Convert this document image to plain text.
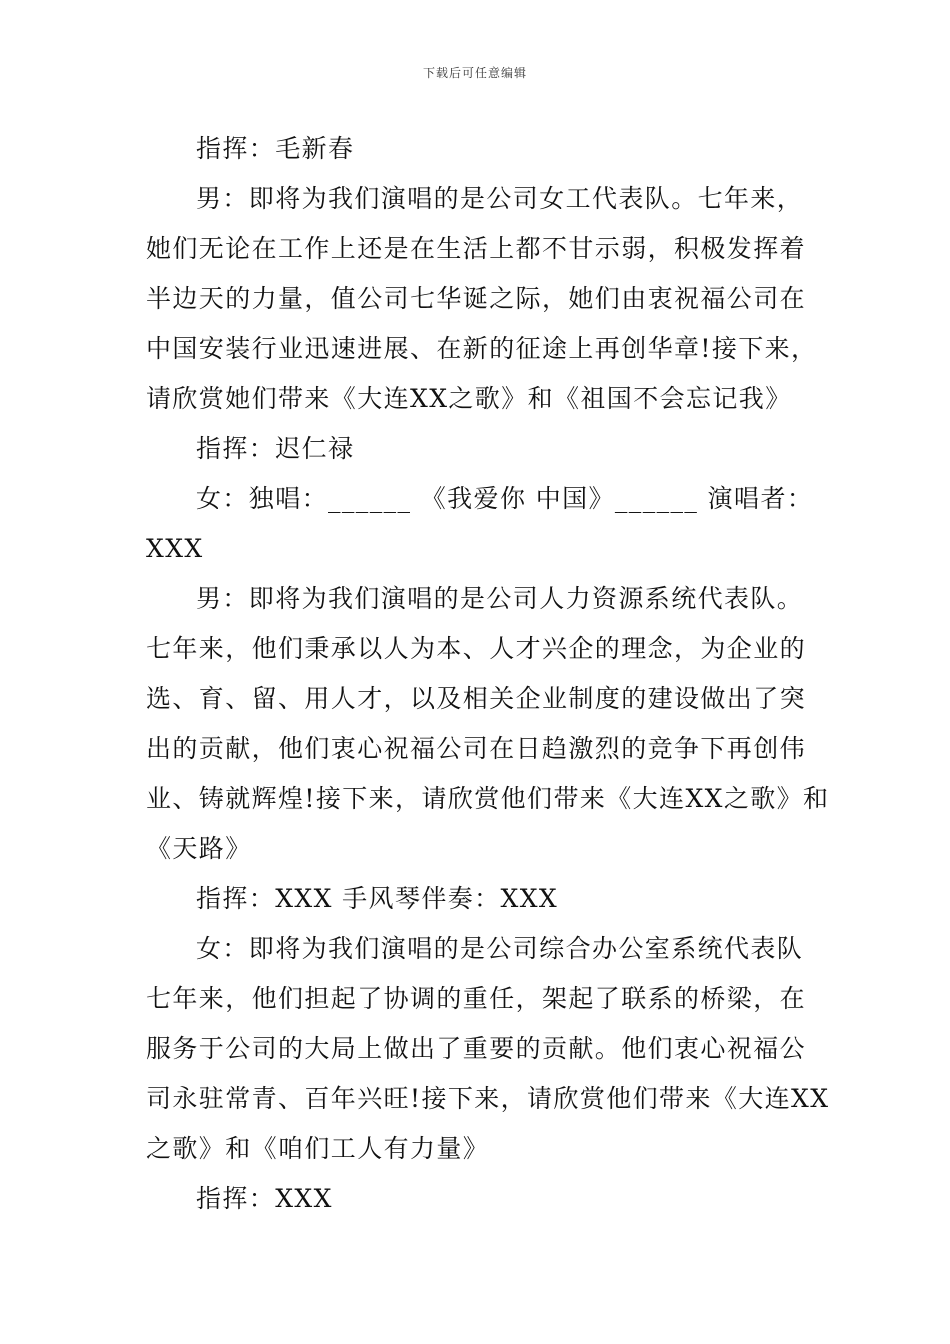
下载后可任意编辑
指挥：毛新春
男：即将为我们演唱的是公司女工代表队。七年来，
她们无论在工作上还是在生活上都不甘示弱，积极发挥着
半边天的力量，值公司七华诞之际，她们由衷祝福公司在
中国安装行业迅速进展、在新的征途上再创华章!接下来，
请欣赏她们带来《大连XX之歌》和《祖国不会忘记我》
指挥：迟仁禄
女：独唱：______ 《我爱你 中国》______ 演唱者：
XXX
男：即将为我们演唱的是公司人力资源系统代表队。
七年来，他们秉承以人为本、人才兴企的理念，为企业的
选、育、留、用人才，以及相关企业制度的建设做出了突
出的贡献，他们衷心祝福公司在日趋激烈的竞争下再创伟
业、铸就辉煌!接下来，请欣赏他们带来《大连XX之歌》和
《天路》
指挥：XXX 手风琴伴奏：XXX
女：即将为我们演唱的是公司综合办公室系统代表队
七年来，他们担起了协调的重任，架起了联系的桥梁，在
服务于公司的大局上做出了重要的贡献。他们衷心祝福公
司永驻常青、百年兴旺!接下来，请欣赏他们带来《大连XX
之歌》和《咱们工人有力量》
指挥：XXX
